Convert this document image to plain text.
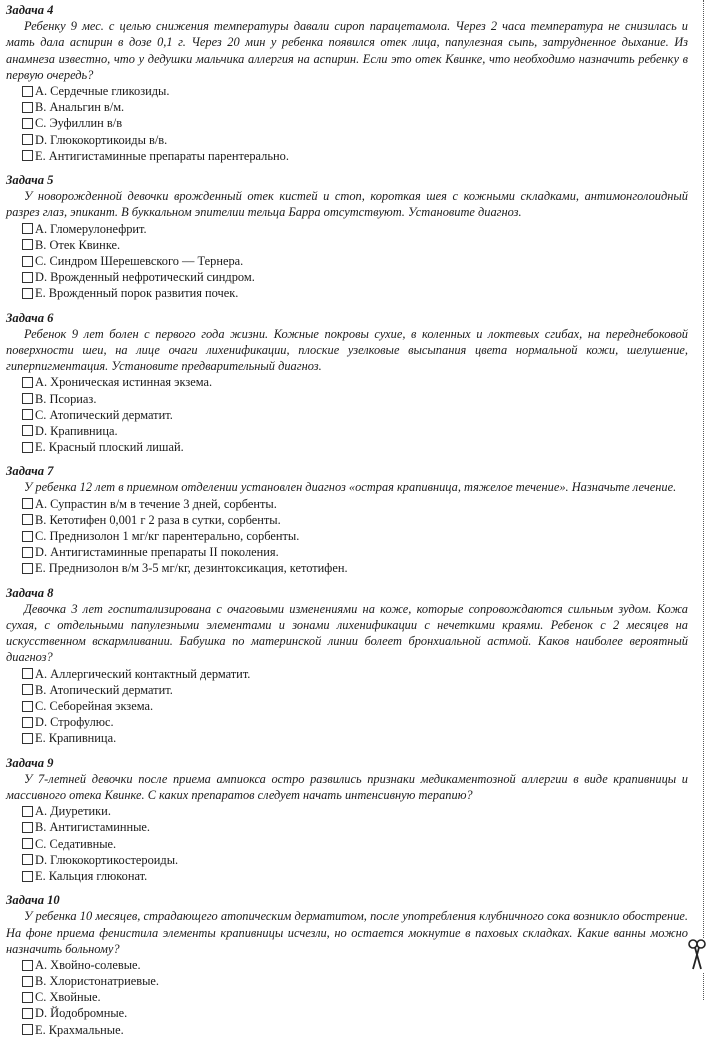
Задача 4
Ребенку 9 мес. с целью снижения температуры давали сироп парацетамола. Через 2 часа температура не снизилась и мать дала аспирин в дозе 0,1 г. Через 20 мин у ребенка появился отек лица, папулезная сыпь, затрудненное дыхание. Из анамнеза известно, что у дедушки мальчика аллергия на аспирин. Если это отек Квинке, что необходимо назначить ребенку в первую очередь?
A. Сердечные гликозиды.
B. Анальгин в/м.
C. Эуфиллин в/в
D. Глюкокортикоиды в/в.
E. Антигистаминные препараты парентерально.
Задача 5
У новорожденной девочки врожденный отек кистей и стоп, короткая шея с кожными складками, антимонголоидный разрез глаз, эпикант. В буккальном эпителии тельца Барра отсутствуют. Установите диагноз.
A. Гломерулонефрит.
B. Отек Квинке.
C. Синдром Шерешевского — Тернера.
D. Врожденный нефротический синдром.
E. Врожденный порок развития почек.
Задача 6
Ребенок 9 лет болен с первого года жизни. Кожные покровы сухие, в коленных и локтевых сгибах, на переднебоковой поверхности шеи, на лице очаги лихенификации, плоские узелковые высыпания цвета нормальной кожи, шелушение, гиперпигментация. Установите предварительный диагноз.
A. Хроническая истинная экзема.
B. Псориаз.
C. Атопический дерматит.
D. Крапивница.
E. Красный плоский лишай.
Задача 7
У ребенка 12 лет в приемном отделении установлен диагноз «острая крапивница, тяжелое течение». Назначьте лечение.
A. Супрастин в/м в течение 3 дней, сорбенты.
B. Кетотифен 0,001 г 2 раза в сутки, сорбенты.
C. Преднизолон 1 мг/кг парентерально, сорбенты.
D. Антигистаминные препараты II поколения.
E. Преднизолон в/м 3-5 мг/кг, дезинтоксикация, кетотифен.
Задача 8
Девочка 3 лет госпитализирована с очаговыми изменениями на коже, которые сопровождаются сильным зудом. Кожа сухая, с отдельными папулезными элементами и зонами лихенификации с нечеткими краями. Ребенок с 2 месяцев на искусственном вскармливании. Бабушка по материнской линии болеет бронхиальной астмой. Каков наиболее вероятный диагноз?
A. Аллергический контактный дерматит.
B. Атопический дерматит.
C. Себорейная экзема.
D. Строфулюс.
E. Крапивница.
Задача 9
У 7-летней девочки после приема ампиокса остро развились признаки медикаментозной аллергии в виде крапивницы и массивного отека Квинке. С каких препаратов следует начать интенсивную терапию?
A. Диуретики.
B. Антигистаминные.
C. Седативные.
D. Глюкокортикостероиды.
E. Кальция глюконат.
Задача 10
У ребенка 10 месяцев, страдающего атопическим дерматитом, после употребления клубничного сока возникло обострение. На фоне приема фенистила элементы крапивницы исчезли, но остается мокнутие в паховых складках. Какие ванны можно назначить больному?
A. Хвойно-солевые.
B. Хлористонатриевые.
C. Хвойные.
D. Йодобромные.
E. Крахмальные.
